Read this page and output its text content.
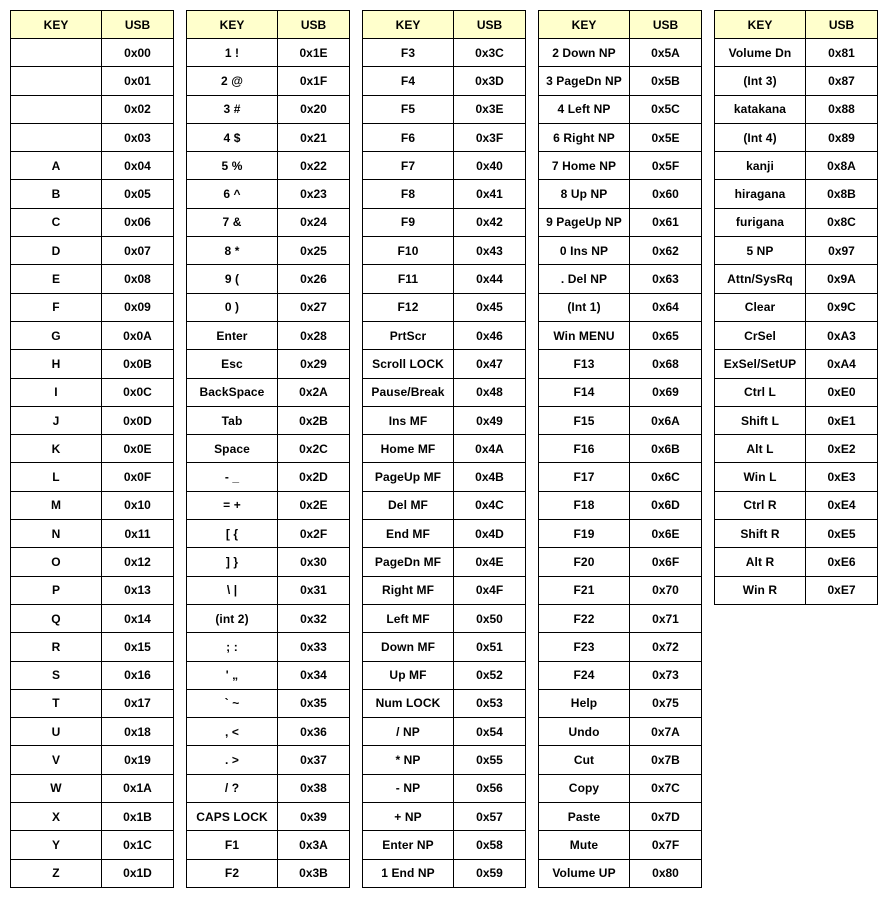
KEY	USB
	0x00
	0x01
	0x02
	0x03
A	0x04
B	0x05
C	0x06
D	0x07
E	0x08
F	0x09
G	0x0A
H	0x0B
I	0x0C
J	0x0D
K	0x0E
L	0x0F
M	0x10
N	0x11
O	0x12
P	0x13
Q	0x14
R	0x15
S	0x16
T	0x17
U	0x18
V	0x19
W	0x1A
X	0x1B
Y	0x1C
Z	0x1D
KEY	USB
1 !	0x1E
2 @	0x1F
3 #	0x20
4 $	0x21
5 %	0x22
6 ^	0x23
7 &	0x24
8 *	0x25
9 (	0x26
0 )	0x27
Enter	0x28
Esc	0x29
BackSpace	0x2A
Tab	0x2B
Space	0x2C
- _	0x2D
= +	0x2E
[ {	0x2F
] }	0x30
\ |	0x31
(int 2)	0x32
; :	0x33
' „	0x34
` ~	0x35
, <	0x36
. >	0x37
/ ?	0x38
CAPS LOCK	0x39
F1	0x3A
F2	0x3B
KEY	USB
F3	0x3C
F4	0x3D
F5	0x3E
F6	0x3F
F7	0x40
F8	0x41
F9	0x42
F10	0x43
F11	0x44
F12	0x45
PrtScr	0x46
Scroll LOCK	0x47
Pause/Break	0x48
Ins MF	0x49
Home MF	0x4A
PageUp MF	0x4B
Del MF	0x4C
End MF	0x4D
PageDn MF	0x4E
Right MF	0x4F
Left MF	0x50
Down MF	0x51
Up MF	0x52
Num LOCK	0x53
/ NP	0x54
* NP	0x55
- NP	0x56
+ NP	0x57
Enter NP	0x58
1 End NP	0x59
KEY	USB
2 Down NP	0x5A
3 PageDn NP	0x5B
4 Left NP	0x5C
6 Right NP	0x5E
7 Home NP	0x5F
8 Up NP	0x60
9 PageUp NP	0x61
0 Ins NP	0x62
. Del NP	0x63
(Int 1)	0x64
Win MENU	0x65
F13	0x68
F14	0x69
F15	0x6A
F16	0x6B
F17	0x6C
F18	0x6D
F19	0x6E
F20	0x6F
F21	0x70
F22	0x71
F23	0x72
F24	0x73
Help	0x75
Undo	0x7A
Cut	0x7B
Copy	0x7C
Paste	0x7D
Mute	0x7F
Volume UP	0x80
KEY	USB
Volume Dn	0x81
(Int 3)	0x87
katakana	0x88
(Int 4)	0x89
kanji	0x8A
hiragana	0x8B
furigana	0x8C
5 NP	0x97
Attn/SysRq	0x9A
Clear	0x9C
CrSel	0xA3
ExSel/SetUP	0xA4
Ctrl L	0xE0
Shift L	0xE1
Alt L	0xE2
Win L	0xE3
Ctrl R	0xE4
Shift R	0xE5
Alt R	0xE6
Win R	0xE7
